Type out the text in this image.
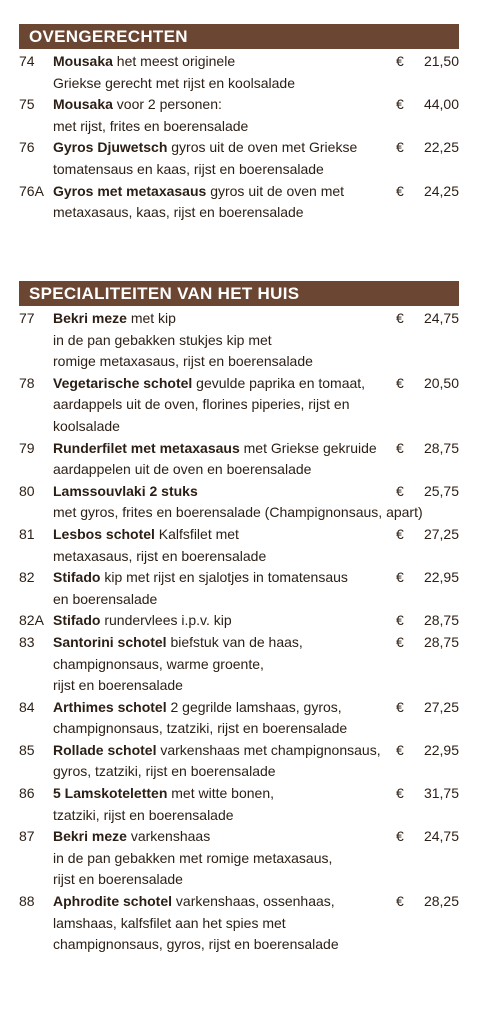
OVENGERECHTEN
74 Mousaka het meest originele
Griekse gerecht met rijst en koolsalade
€ 21,50
75 Mousaka voor 2 personen:
met rijst, frites en boerensalade
€ 44,00
76 Gyros Djuwetsch gyros uit de oven met Griekse
tomatensaus en kaas, rijst en boerensalade
€ 22,25
76A Gyros met metaxasaus gyros uit de oven met
metaxasaus, kaas, rijst en boerensalade
€ 24,25
SPECIALITEITEN VAN HET HUIS
77 Bekri meze met kip
in de pan gebakken stukjes kip met
romige metaxasaus, rijst en boerensalade
€ 24,75
78 Vegetarische schotel gevulde paprika en tomaat,
aardappels uit de oven, florines piperies, rijst en
koolsalade
€ 20,50
79 Runderfilet met metaxasaus met Griekse gekruide
aardappelen uit de oven en boerensalade
€ 28,75
80 Lamssouvlaki 2 stuks
met gyros, frites en boerensalade (Champignonsaus, apart)
€ 25,75
81 Lesbos schotel Kalfsfilet met
metaxasaus, rijst en boerensalade
€ 27,25
82 Stifado kip met rijst en sjalotjes in tomatensaus
en boerensalade
€ 22,95
82A Stifado rundervlees i.p.v. kip	€ 28,75
83 Santorini schotel biefstuk van de haas,
champignonsaus, warme groente,
rijst en boerensalade
€ 28,75
84 Arthimes schotel 2 gegrilde lamshaas, gyros,
champignonsaus, tzatziki, rijst en boerensalade
€ 27,25
85 Rollade schotel varkenshaas met champignonsaus,
gyros, tzatziki, rijst en boerensalade
€ 22,95
86 5 Lamskoteletten met witte bonen,
tzatziki, rijst en boerensalade
€ 31,75
87 Bekri meze varkenshaas
in de pan gebakken met romige metaxasaus,
rijst en boerensalade
€ 24,75
88 Aphrodite schotel varkenshaas, ossenhaas,
lamshaas, kalfsfilet aan het spies met
champignonsaus, gyros, rijst en boerensalade
€ 28,25
